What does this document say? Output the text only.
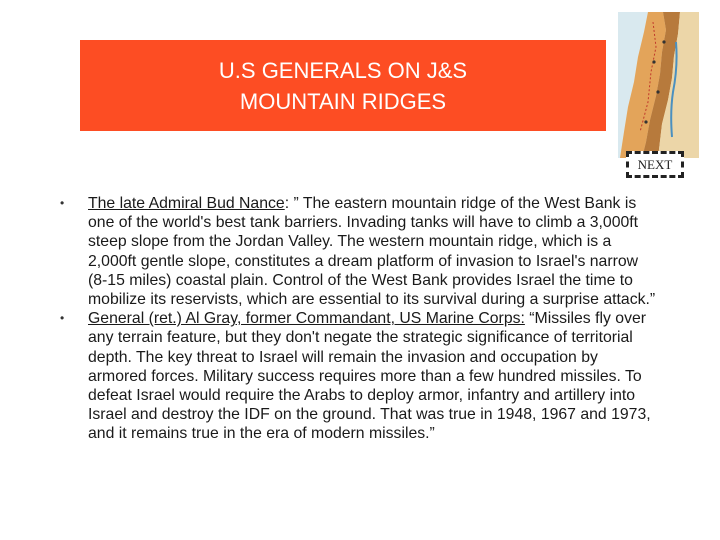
U.S GENERALS ON J&S
MOUNTAIN RIDGES
NEXT
• The late Admiral Bud Nance: ” The eastern mountain ridge of the West Bank is one of the world's best tank barriers. Invading tanks will have to climb a 3,000ft steep slope from the Jordan Valley. The western mountain ridge, which is a 2,000ft gentle slope, constitutes a dream platform of invasion to Israel's narrow (8-15 miles) coastal plain. Control of the West Bank provides Israel the time to mobilize its reservists, which are essential to its survival during a surprise attack.”
• General (ret.) Al Gray, former Commandant, US Marine Corps: “Missiles fly over any terrain feature, but they don't negate the strategic significance of territorial depth. The key threat to Israel will remain the invasion and occupation by armored forces. Military success requires more than a few hundred missiles. To defeat Israel would require the Arabs to deploy armor, infantry and artillery into Israel and destroy the IDF on the ground. That was true in 1948, 1967 and 1973, and it remains true in the era of modern missiles.”
